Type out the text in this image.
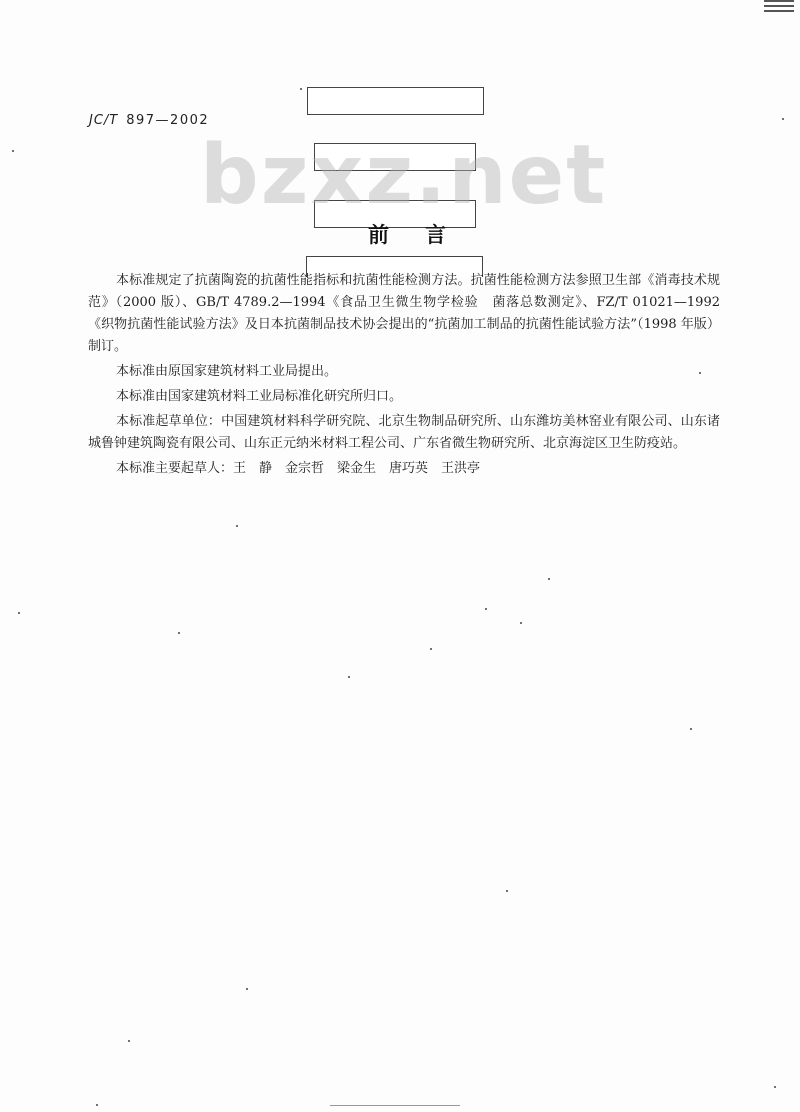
JC/T 897—2002
bzxz.net
前言

本标准规定了抗菌陶瓷的抗菌性能指标和抗菌性能检测方法。抗菌性能检测方法参照卫生部《消毒技术规范》（2000 版）、GB/T 4789.2—1994《食品卫生微生物学检验　菌落总数测定》、FZ/T 01021—1992《织物抗菌性能试验方法》及日本抗菌制品技术协会提出的“抗菌加工制品的抗菌性能试验方法”（1998 年版）制订。

本标准由原国家建筑材料工业局提出。

本标准由国家建筑材料工业局标准化研究所归口。

本标准起草单位：中国建筑材料科学研究院、北京生物制品研究所、山东潍坊美林窑业有限公司、山东诸城鲁钟建筑陶瓷有限公司、山东正元纳米材料工程公司、广东省微生物研究所、北京海淀区卫生防疫站。

本标准主要起草人：王　静　金宗哲　梁金生　唐巧英　王洪亭
